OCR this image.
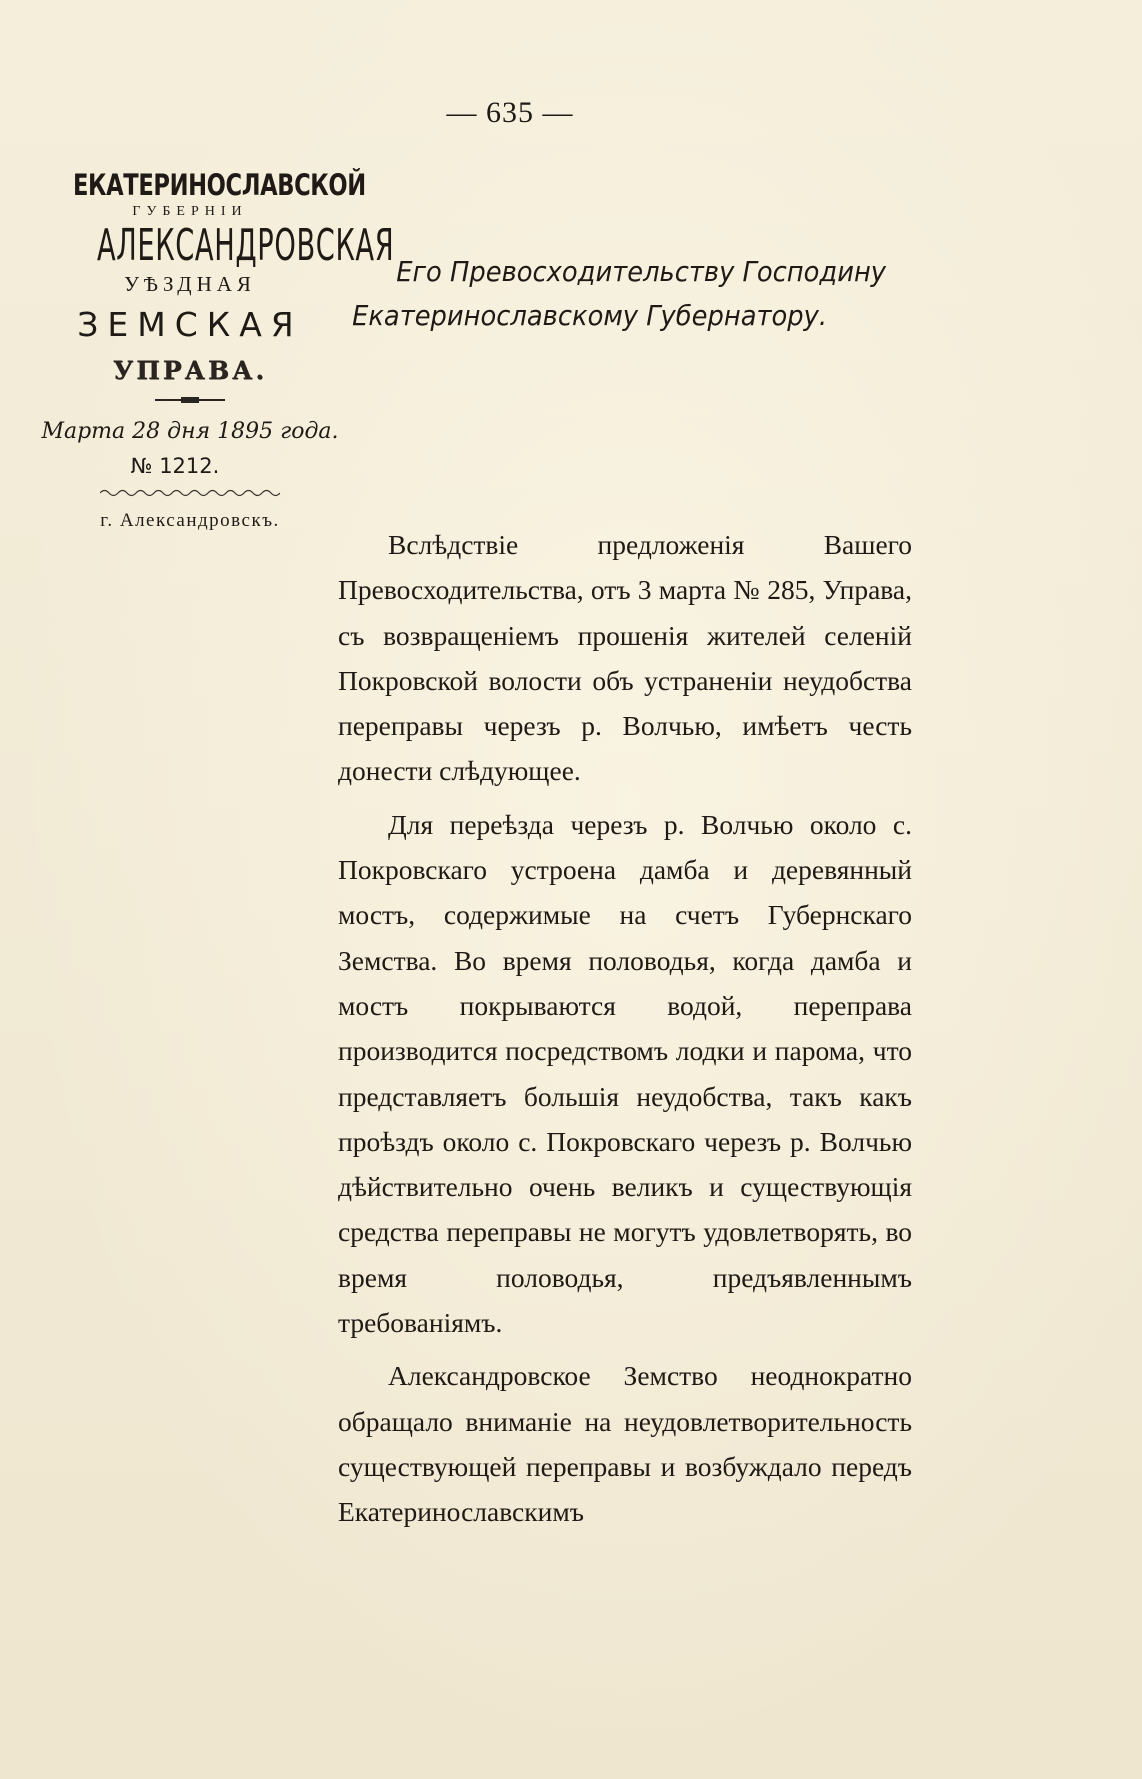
— 635 —
ЕКАТЕРИНОСЛАВСКОЙ
ГУБЕРНІИ
АЛЕКСАНДРОВСКАЯ
УѢЗДНАЯ
ЗЕМСКАЯ
УПРАВА.
Марта 28 дня 1895 года.
№ 1212.
г. Александровскъ.
Его Превосходительству Господину
Екатеринославскому Губернатору.

Вслѣдствіе предложенія Вашего Превосходительства, отъ 3 марта № 285, Управа, съ возвращеніемъ прошенія жителей селеній Покровской волости объ устраненіи неудобства переправы черезъ р. Волчью, имѣетъ честь донести слѣдующее.

Для переѣзда черезъ р. Волчью около с. Покровскаго устроена дамба и деревянный мостъ, содержимые на счетъ Губернскаго Земства. Во время половодья, когда дамба и мостъ покрываются водой, переправа производится посредствомъ лодки и парома, что представляетъ большія неудобства, такъ какъ проѣздъ около с. Покровскаго черезъ р. Волчью дѣйствительно очень великъ и существующія средства переправы не могутъ удовлетворять, во время половодья, предъявленнымъ требованіямъ.

Александровское Земство неоднократно обращало вниманіе на неудовлетворительность существующей переправы и возбуждало передъ Екатеринославскимъ
